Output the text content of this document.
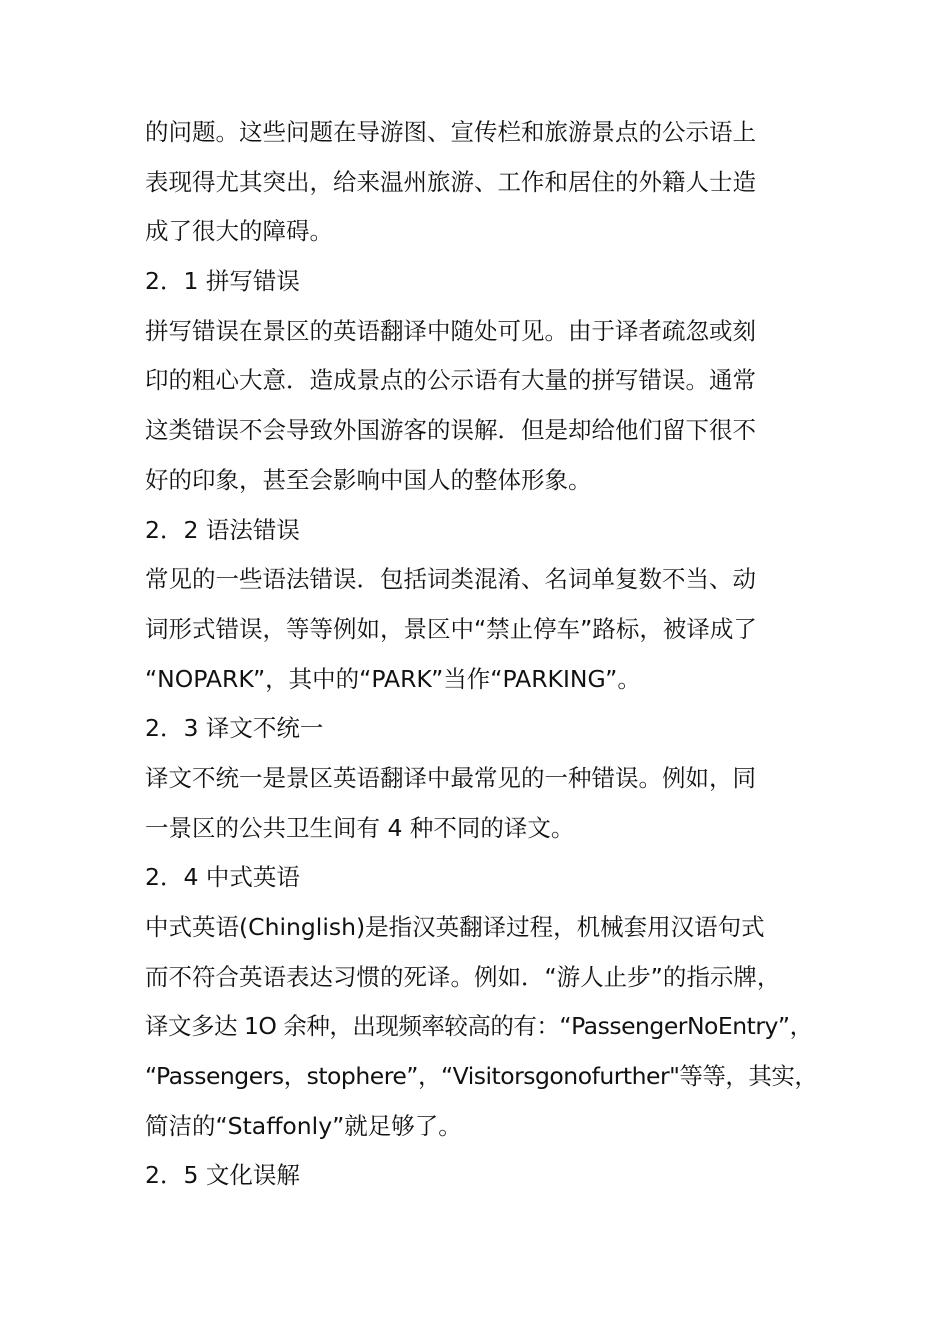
的问题。这些问题在导游图、宣传栏和旅游景点的公示语上
表现得尤其突出，给来温州旅游、工作和居住的外籍人士造
成了很大的障碍。
2．1 拼写错误
拼写错误在景区的英语翻译中随处可见。由于译者疏忽或刻
印的粗心大意．造成景点的公示语有大量的拼写错误。通常
这类错误不会导致外国游客的误解．但是却给他们留下很不
好的印象，甚至会影响中国人的整体形象。
2．2 语法错误
常见的一些语法错误．包括词类混淆、名词单复数不当、动
词形式错误，等等例如，景区中“禁止停车”路标，被译成了
“NOPARK”，其中的“PARK”当作“PARKING”。
2．3 译文不统一
译文不统一是景区英语翻译中最常见的一种错误。例如，同
一景区的公共卫生间有 4 种不同的译文。
2．4 中式英语
中式英语(Chinglish)是指汉英翻译过程，机械套用汉语句式
而不符合英语表达习惯的死译。例如．“游人止步”的指示牌，
译文多达 1O 余种，出现频率较高的有：“PassengerNoEntry”，
“Passengers，stophere”，“Visitorsgonofurther"等等，其实，
简洁的“Staffonly”就足够了。
2．5 文化误解
